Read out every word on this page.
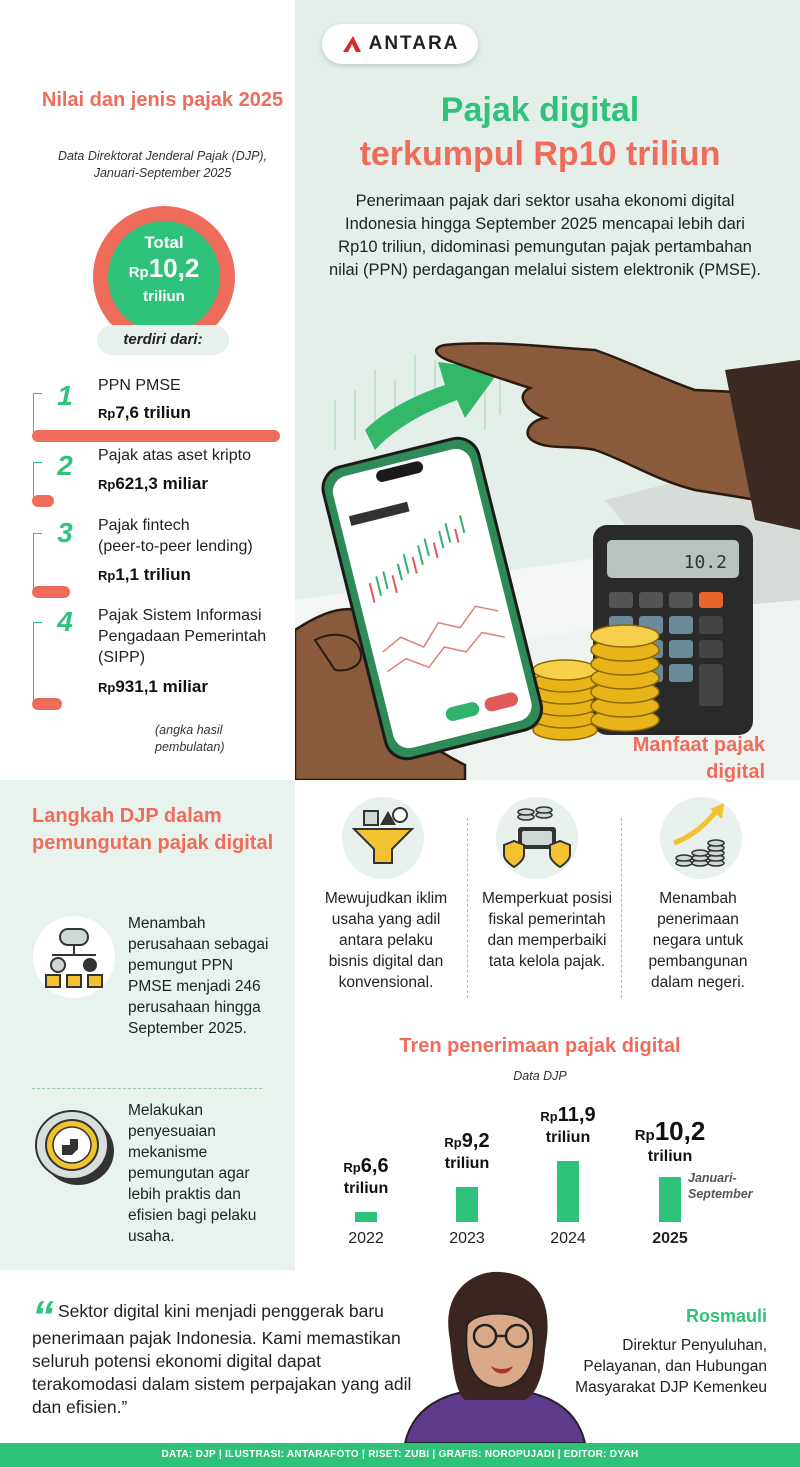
10.2
ANTARA
Pajak digital
terkumpul Rp10 triliun
Penerimaan pajak dari sektor usaha ekonomi digital Indonesia hingga September 2025 mencapai lebih dari Rp10 triliun, didominasi pemungutan pajak pertambahan nilai (PPN) perdagangan melalui sistem elektronik (PMSE).
Nilai dan jenis pajak 2025
Data Direktorat Jenderal Pajak (DJP), Januari-September 2025
Total
Rp10,2
triliun
terdiri dari:
1	PPN PMSE
Rp7,6 triliun
2	Pajak atas aset kripto
Rp621,3 miliar
3	Pajak fintech
(peer-to-peer lending)
Rp1,1 triliun
4	Pajak Sistem Informasi Pengadaan Pemerintah (SIPP)
Rp931,1 miliar
(angka hasil pembulatan)
Langkah DJP dalam pemungutan pajak digital
Menambah perusahaan sebagai pemungut PPN PMSE menjadi 246 perusahaan hingga September 2025.
Melakukan penyesuaian mekanisme pemungutan agar lebih praktis dan efisien bagi pelaku usaha.
Manfaat pajak digital
Mewujudkan iklim usaha yang adil antara pelaku bisnis digital dan konvensional.
Memperkuat posisi fiskal pemerintah dan memperbaiki tata kelola pajak.
Menambah penerimaan negara untuk pembangunan dalam negeri.
Tren penerimaan pajak digital
Data DJP
Rp6,6
triliun
2022
Rp9,2
triliun
2023
Rp11,9
triliun
2024
Rp10,2
triliun
2025
Januari-September
“ Sektor digital kini menjadi penggerak baru penerimaan pajak Indonesia. Kami memastikan seluruh potensi ekonomi digital dapat terakomodasi dalam sistem perpajakan yang adil dan efisien.”
Rosmauli
Direktur Penyuluhan, Pelayanan, dan Hubungan Masyarakat DJP Kemenkeu
DATA: DJP | ILUSTRASI: ANTARAFOTO | RISET: ZUBI | GRAFIS: NOROPUJADI | EDITOR: DYAH
